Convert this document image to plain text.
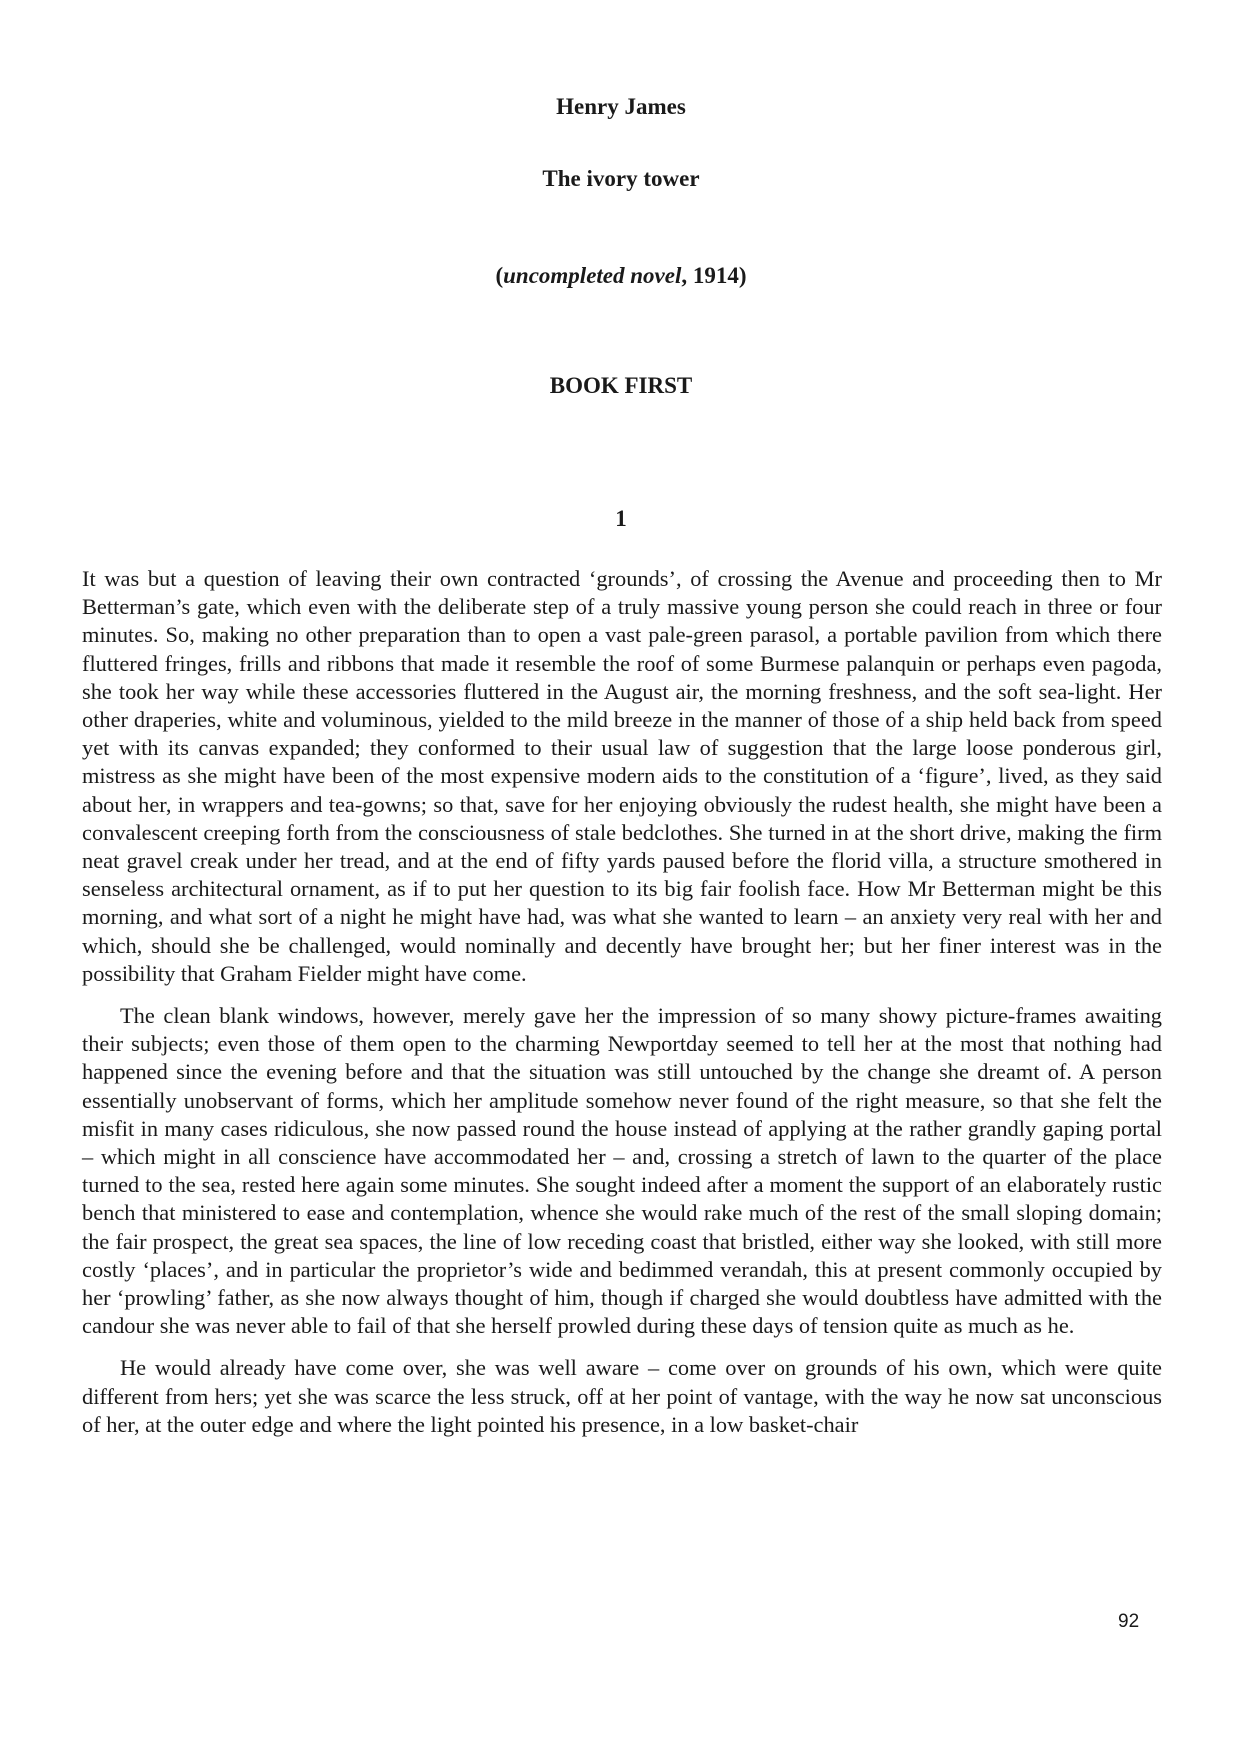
Henry James

The ivory tower

(uncompleted novel, 1914)

BOOK FIRST

1

It was but a question of leaving their own contracted ‘grounds’, of crossing the Avenue and proceeding then to Mr Betterman’s gate, which even with the deliberate step of a truly massive young person she could reach in three or four minutes. So, making no other preparation than to open a vast pale-green parasol, a portable pavilion from which there fluttered fringes, frills and ribbons that made it resemble the roof of some Burmese palanquin or perhaps even pagoda, she took her way while these accessories fluttered in the August air, the morning freshness, and the soft sea-light. Her other draperies, white and voluminous, yielded to the mild breeze in the manner of those of a ship held back from speed yet with its canvas expanded; they conformed to their usual law of suggestion that the large loose ponderous girl, mistress as she might have been of the most expensive modern aids to the constitution of a ‘figure’, lived, as they said about her, in wrappers and tea-gowns; so that, save for her enjoying obviously the rudest health, she might have been a convalescent creeping forth from the consciousness of stale bedclothes. She turned in at the short drive, making the firm neat gravel creak under her tread, and at the end of fifty yards paused before the florid villa, a structure smothered in senseless architectural ornament, as if to put her question to its big fair foolish face. How Mr Betterman might be this morning, and what sort of a night he might have had, was what she wanted to learn – an anxiety very real with her and which, should she be challenged, would nominally and decently have brought her; but her finer interest was in the possibility that Graham Fielder might have come.

The clean blank windows, however, merely gave her the impression of so many showy picture-frames awaiting their subjects; even those of them open to the charming Newportday seemed to tell her at the most that nothing had happened since the evening before and that the situation was still untouched by the change she dreamt of. A person essentially unobservant of forms, which her amplitude somehow never found of the right measure, so that she felt the misfit in many cases ridiculous, she now passed round the house instead of applying at the rather grandly gaping portal – which might in all conscience have accommodated her – and, crossing a stretch of lawn to the quarter of the place turned to the sea, rested here again some minutes. She sought indeed after a moment the support of an elaborately rustic bench that ministered to ease and contemplation, whence she would rake much of the rest of the small sloping domain; the fair prospect, the great sea spaces, the line of low receding coast that bristled, either way she looked, with still more costly ‘places’, and in particular the proprietor’s wide and bedimmed verandah, this at present commonly occupied by her ‘prowling’ father, as she now always thought of him, though if charged she would doubtless have admitted with the candour she was never able to fail of that she herself prowled during these days of tension quite as much as he.

He would already have come over, she was well aware – come over on grounds of his own, which were quite different from hers; yet she was scarce the less struck, off at her point of vantage, with the way he now sat unconscious of her, at the outer edge and where the light pointed his presence, in a low basket-chair

92
